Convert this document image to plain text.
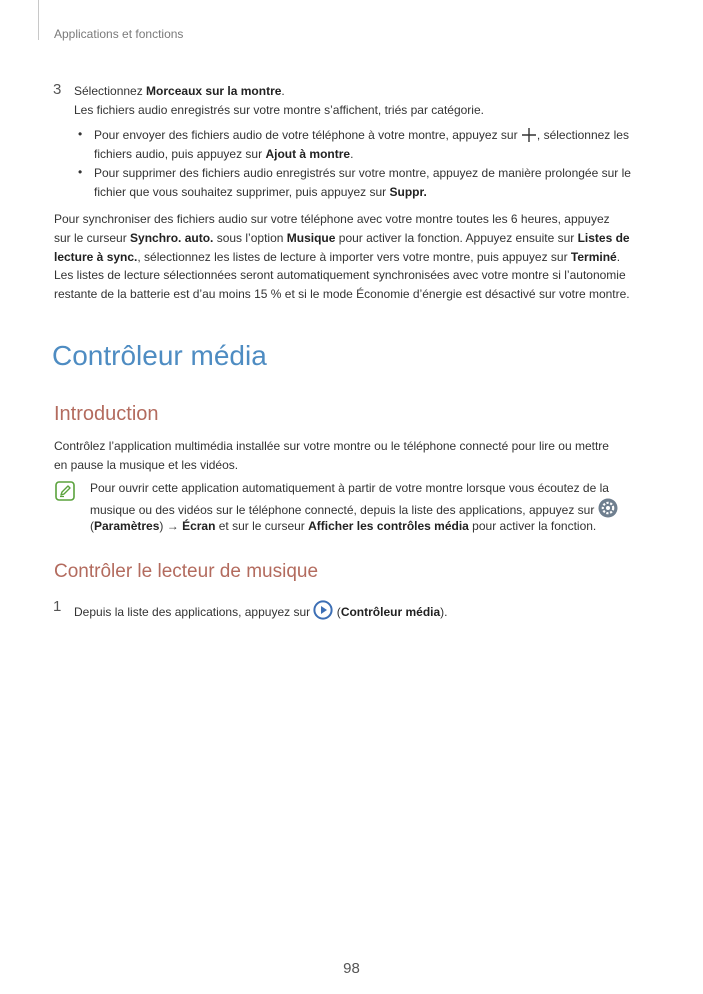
Applications et fonctions
3 Sélectionnez Morceaux sur la montre.
Les fichiers audio enregistrés sur votre montre s’affichent, triés par catégorie.
• Pour envoyer des fichiers audio de votre téléphone à votre montre, appuyez sur , sélectionnez les
fichiers audio, puis appuyez sur Ajout à montre.
• Pour supprimer des fichiers audio enregistrés sur votre montre, appuyez de manière prolongée sur le
fichier que vous souhaitez supprimer, puis appuyez sur Suppr.
Pour synchroniser des fichiers audio sur votre téléphone avec votre montre toutes les 6 heures, appuyez
sur le curseur Synchro. auto. sous l’option Musique pour activer la fonction. Appuyez ensuite sur Listes de
lecture à sync., sélectionnez les listes de lecture à importer vers votre montre, puis appuyez sur Terminé.
Les listes de lecture sélectionnées seront automatiquement synchronisées avec votre montre si l’autonomie
restante de la batterie est d’au moins 15 % et si le mode Économie d’énergie est désactivé sur votre montre.
Contrôleur média
Introduction
Contrôlez l’application multimédia installée sur votre montre ou le téléphone connecté pour lire ou mettre
en pause la musique et les vidéos.
Pour ouvrir cette application automatiquement à partir de votre montre lorsque vous écoutez de la
musique ou des vidéos sur le téléphone connecté, depuis la liste des applications, appuyez sur
(Paramètres) → Écran et sur le curseur Afficher les contrôles média pour activer la fonction.
Contrôler le lecteur de musique
1 Depuis la liste des applications, appuyez sur  (Contrôleur média).
98
